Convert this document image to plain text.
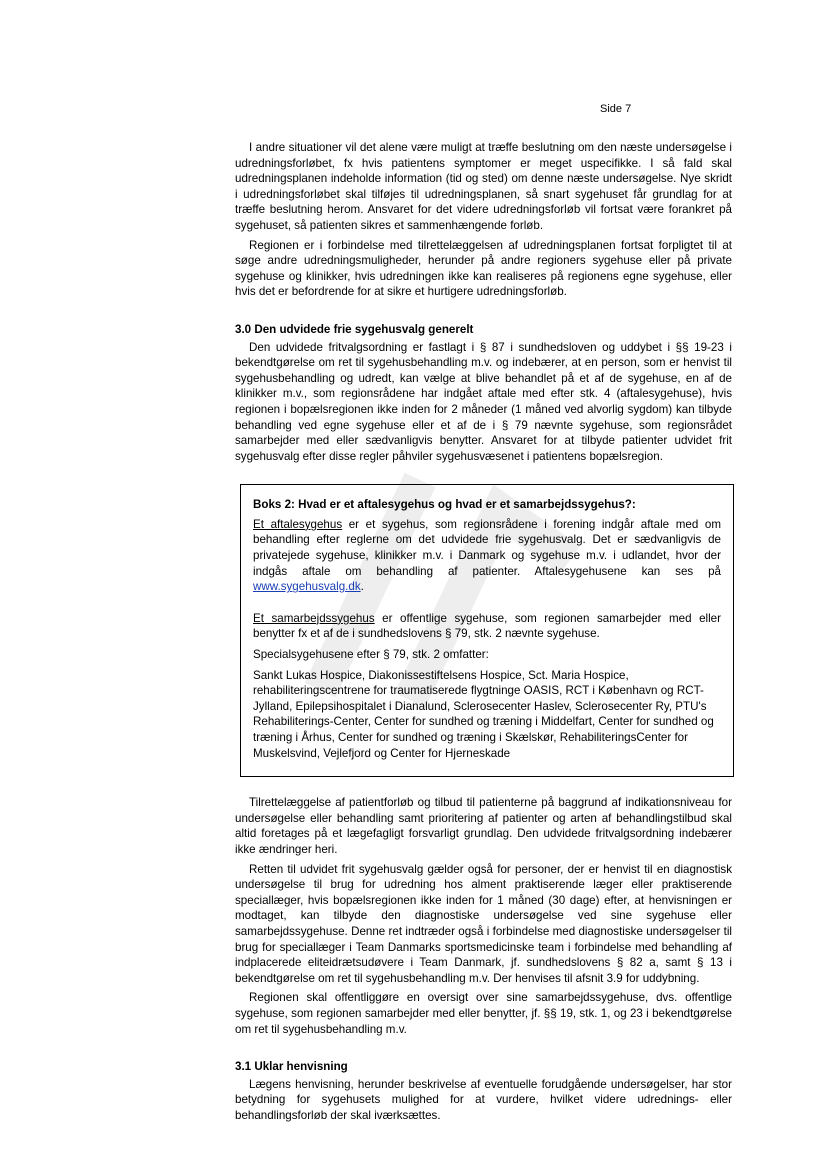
Side 7

I andre situationer vil det alene være muligt at træffe beslutning om den næste undersøgelse i udredningsforløbet, fx hvis patientens symptomer er meget uspecifikke. I så fald skal udredningsplanen indeholde information (tid og sted) om denne næste undersøgelse. Nye skridt i udredningsforløbet skal tilføjes til udredningsplanen, så snart sygehuset får grundlag for at træffe beslutning herom. Ansvaret for det videre udredningsforløb vil fortsat være forankret på sygehuset, så patienten sikres et sammenhængende forløb.

Regionen er i forbindelse med tilrettelæggelsen af udredningsplanen fortsat forpligtet til at søge andre udredningsmuligheder, herunder på andre regioners sygehuse eller på private sygehuse og klinikker, hvis udredningen ikke kan realiseres på regionens egne sygehuse, eller hvis det er befordrende for at sikre et hurtigere udredningsforløb.

3.0 Den udvidede frie sygehusvalg generelt

Den udvidede fritvalgsordning er fastlagt i § 87 i sundhedsloven og uddybet i §§ 19-23 i bekendtgørelse om ret til sygehusbehandling m.v. og indebærer, at en person, som er henvist til sygehusbehandling og udredt, kan vælge at blive behandlet på et af de sygehuse, en af de klinikker m.v., som regionsrådene har indgået aftale med efter stk. 4 (aftalesygehuse), hvis regionen i bopælsregionen ikke inden for 2 måneder (1 måned ved alvorlig sygdom) kan tilbyde behandling ved egne sygehuse eller et af de i § 79 nævnte sygehuse, som regionsrådet samarbejder med eller sædvanligvis benytter. Ansvaret for at tilbyde patienter udvidet frit sygehusvalg efter disse regler påhviler sygehusvæsenet i patientens bopælsregion.

Boks 2: Hvad er et aftalesygehus og hvad er et samarbejdssygehus?:

Et aftalesygehus er et sygehus, som regionsrådene i forening indgår aftale med om behandling efter reglerne om det udvidede frie sygehusvalg. Det er sædvanligvis de privatejede sygehuse, klinikker m.v. i Danmark og sygehuse m.v. i udlandet, hvor der indgås aftale om behandling af patienter. Aftalesygehusene kan ses på www.sygehusvalg.dk.

Et samarbejdssygehus er offentlige sygehuse, som regionen samarbejder med eller benytter fx et af de i sundhedslovens § 79, stk. 2 nævnte sygehuse.

Specialsygehusene efter § 79, stk. 2 omfatter:

Sankt Lukas Hospice, Diakonissestiftelsens Hospice, Sct. Maria Hospice, rehabiliteringscentrene for traumatiserede flygtninge OASIS, RCT i København og RCT-Jylland, Epilepsihospitalet i Dianalund, Sclerosecenter Haslev, Sclerosecenter Ry, PTU's Rehabiliterings-Center, Center for sundhed og træning i Middelfart, Center for sundhed og træning i Århus, Center for sundhed og træning i Skælskør, RehabiliteringsCenter for Muskelsvind, Vejlefjord og Center for Hjerneskade

Tilrettelæggelse af patientforløb og tilbud til patienterne på baggrund af indikationsniveau for undersøgelse eller behandling samt prioritering af patienter og arten af behandlingstilbud skal altid foretages på et lægefagligt forsvarligt grundlag. Den udvidede fritvalgsordning indebærer ikke ændringer heri.

Retten til udvidet frit sygehusvalg gælder også for personer, der er henvist til en diagnostisk undersøgelse til brug for udredning hos alment praktiserende læger eller praktiserende speciallæger, hvis bopælsregionen ikke inden for 1 måned (30 dage) efter, at henvisningen er modtaget, kan tilbyde den diagnostiske undersøgelse ved sine sygehuse eller samarbejdssygehuse. Denne ret indtræder også i forbindelse med diagnostiske undersøgelser til brug for speciallæger i Team Danmarks sportsmedicinske team i forbindelse med behandling af indplacerede eliteidrætsudøvere i Team Danmark, jf. sundhedslovens § 82 a, samt § 13 i bekendtgørelse om ret til sygehusbehandling m.v. Der henvises til afsnit 3.9 for uddybning.

Regionen skal offentliggøre en oversigt over sine samarbejdssygehuse, dvs. offentlige sygehuse, som regionen samarbejder med eller benytter, jf. §§ 19, stk. 1, og 23 i bekendtgørelse om ret til sygehusbehandling m.v.

3.1 Uklar henvisning

Lægens henvisning, herunder beskrivelse af eventuelle forudgående undersøgelser, har stor betydning for sygehusets mulighed for at vurdere, hvilket videre udrednings- eller behandlingsforløb der skal iværksættes.
